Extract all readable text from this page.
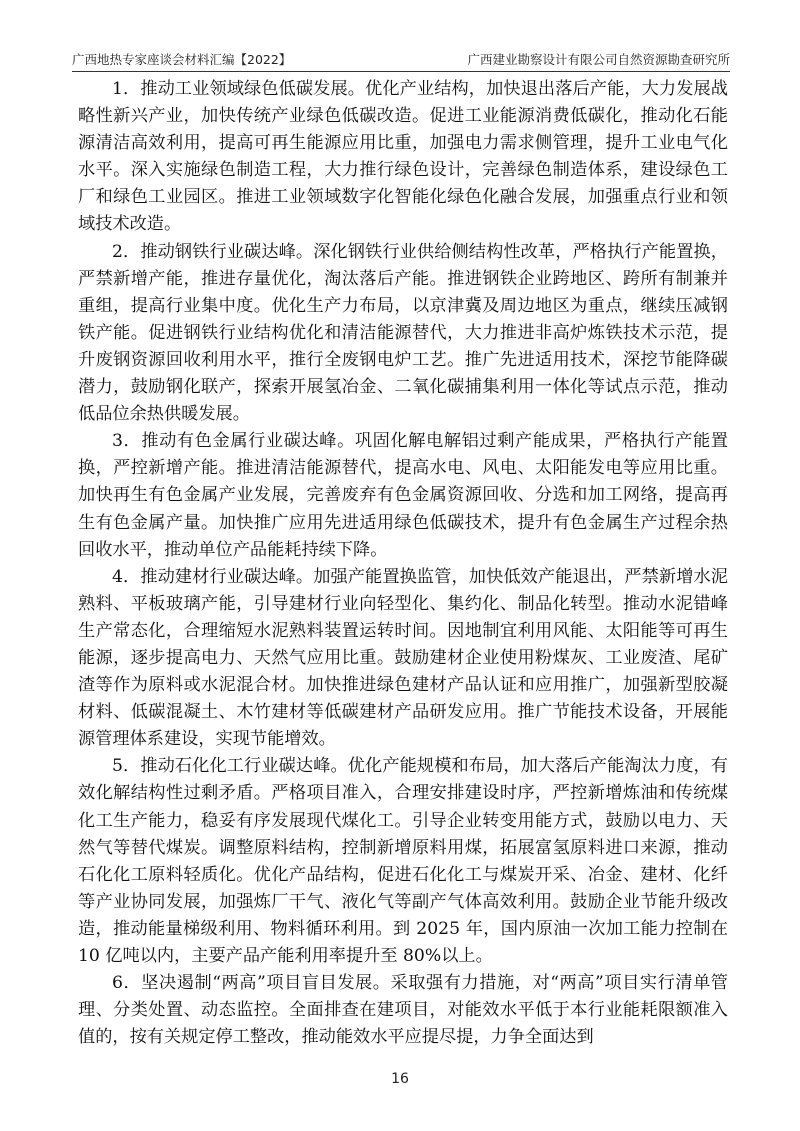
广西地热专家座谈会材料汇编【2022】	广西建业勘察设计有限公司自然资源勘查研究所

1．推动工业领域绿色低碳发展。优化产业结构，加快退出落后产能，大力发展战略性新兴产业，加快传统产业绿色低碳改造。促进工业能源消费低碳化，推动化石能源清洁高效利用，提高可再生能源应用比重，加强电力需求侧管理，提升工业电气化水平。深入实施绿色制造工程，大力推行绿色设计，完善绿色制造体系，建设绿色工厂和绿色工业园区。推进工业领域数字化智能化绿色化融合发展，加强重点行业和领域技术改造。

2．推动钢铁行业碳达峰。深化钢铁行业供给侧结构性改革，严格执行产能置换，严禁新增产能，推进存量优化，淘汰落后产能。推进钢铁企业跨地区、跨所有制兼并重组，提高行业集中度。优化生产力布局，以京津冀及周边地区为重点，继续压减钢铁产能。促进钢铁行业结构优化和清洁能源替代，大力推进非高炉炼铁技术示范，提升废钢资源回收利用水平，推行全废钢电炉工艺。推广先进适用技术，深挖节能降碳潜力，鼓励钢化联产，探索开展氢冶金、二氧化碳捕集利用一体化等试点示范，推动低品位余热供暖发展。

3．推动有色金属行业碳达峰。巩固化解电解铝过剩产能成果，严格执行产能置换，严控新增产能。推进清洁能源替代，提高水电、风电、太阳能发电等应用比重。加快再生有色金属产业发展，完善废弃有色金属资源回收、分选和加工网络，提高再生有色金属产量。加快推广应用先进适用绿色低碳技术，提升有色金属生产过程余热回收水平，推动单位产品能耗持续下降。

4．推动建材行业碳达峰。加强产能置换监管，加快低效产能退出，严禁新增水泥熟料、平板玻璃产能，引导建材行业向轻型化、集约化、制品化转型。推动水泥错峰生产常态化，合理缩短水泥熟料装置运转时间。因地制宜利用风能、太阳能等可再生能源，逐步提高电力、天然气应用比重。鼓励建材企业使用粉煤灰、工业废渣、尾矿渣等作为原料或水泥混合材。加快推进绿色建材产品认证和应用推广，加强新型胶凝材料、低碳混凝土、木竹建材等低碳建材产品研发应用。推广节能技术设备，开展能源管理体系建设，实现节能增效。

5．推动石化化工行业碳达峰。优化产能规模和布局，加大落后产能淘汰力度，有效化解结构性过剩矛盾。严格项目准入，合理安排建设时序，严控新增炼油和传统煤化工生产能力，稳妥有序发展现代煤化工。引导企业转变用能方式，鼓励以电力、天然气等替代煤炭。调整原料结构，控制新增原料用煤，拓展富氢原料进口来源，推动石化化工原料轻质化。优化产品结构，促进石化化工与煤炭开采、冶金、建材、化纤等产业协同发展，加强炼厂干气、液化气等副产气体高效利用。鼓励企业节能升级改造，推动能量梯级利用、物料循环利用。到 2025 年，国内原油一次加工能力控制在 10 亿吨以内，主要产品产能利用率提升至 80%以上。

6．坚决遏制“两高”项目盲目发展。采取强有力措施，对“两高”项目实行清单管理、分类处置、动态监控。全面排查在建项目，对能效水平低于本行业能耗限额准入值的，按有关规定停工整改，推动能效水平应提尽提，力争全面达到

16
